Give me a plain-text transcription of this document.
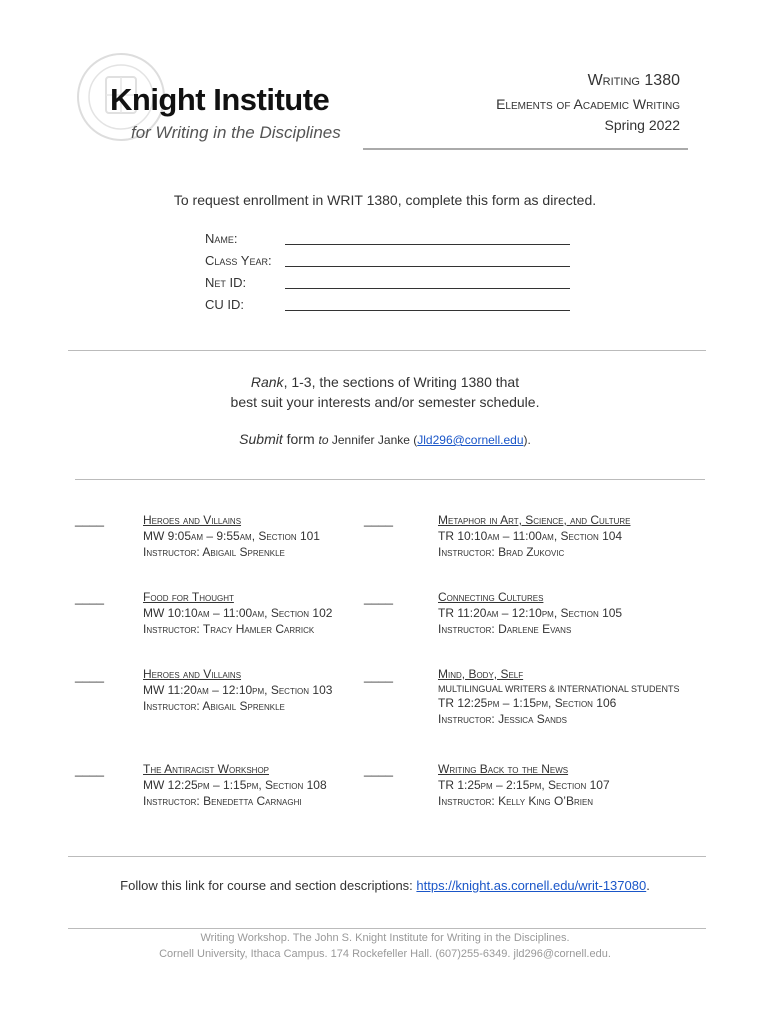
Knight Institute
for Writing in the Disciplines
Writing 1380
Elements of Academic Writing
Spring 2022
To request enrollment in WRIT 1380, complete this form as directed.
Name:
Class Year:
Net ID:
CU ID:
Rank, 1-3, the sections of Writing 1380 that
best suit your interests and/or semester schedule.
Submit form to Jennifer Janke (Jld296@cornell.edu).
____	Heroes and Villains
MW 9:05am – 9:55am, Section 101
Instructor: Abigail Sprenkle
____	Food for Thought
MW 10:10am – 11:00am, Section 102
Instructor: Tracy Hamler Carrick
____	Heroes and Villains
MW 11:20am – 12:10pm, Section 103
Instructor: Abigail Sprenkle
____	The Antiracist Workshop
MW 12:25pm – 1:15pm, Section 108
Instructor: Benedetta Carnaghi
____	Metaphor in Art, Science, and Culture
TR 10:10am – 11:00am, Section 104
Instructor: Brad Zukovic
____	Connecting Cultures
TR 11:20am – 12:10pm, Section 105
Instructor: Darlene Evans
____	Mind, Body, Self
MULTILINGUAL WRITERS & INTERNATIONAL STUDENTS
TR 12:25pm – 1:15pm, Section 106
Instructor: Jessica Sands
____	Writing Back to the News
TR 1:25pm – 2:15pm, Section 107
Instructor: Kelly King O’Brien
Follow this link for course and section descriptions: https://knight.as.cornell.edu/writ-137080.
Writing Workshop. The John S. Knight Institute for Writing in the Disciplines.
Cornell University, Ithaca Campus. 174 Rockefeller Hall. (607)255-6349. jld296@cornell.edu.
